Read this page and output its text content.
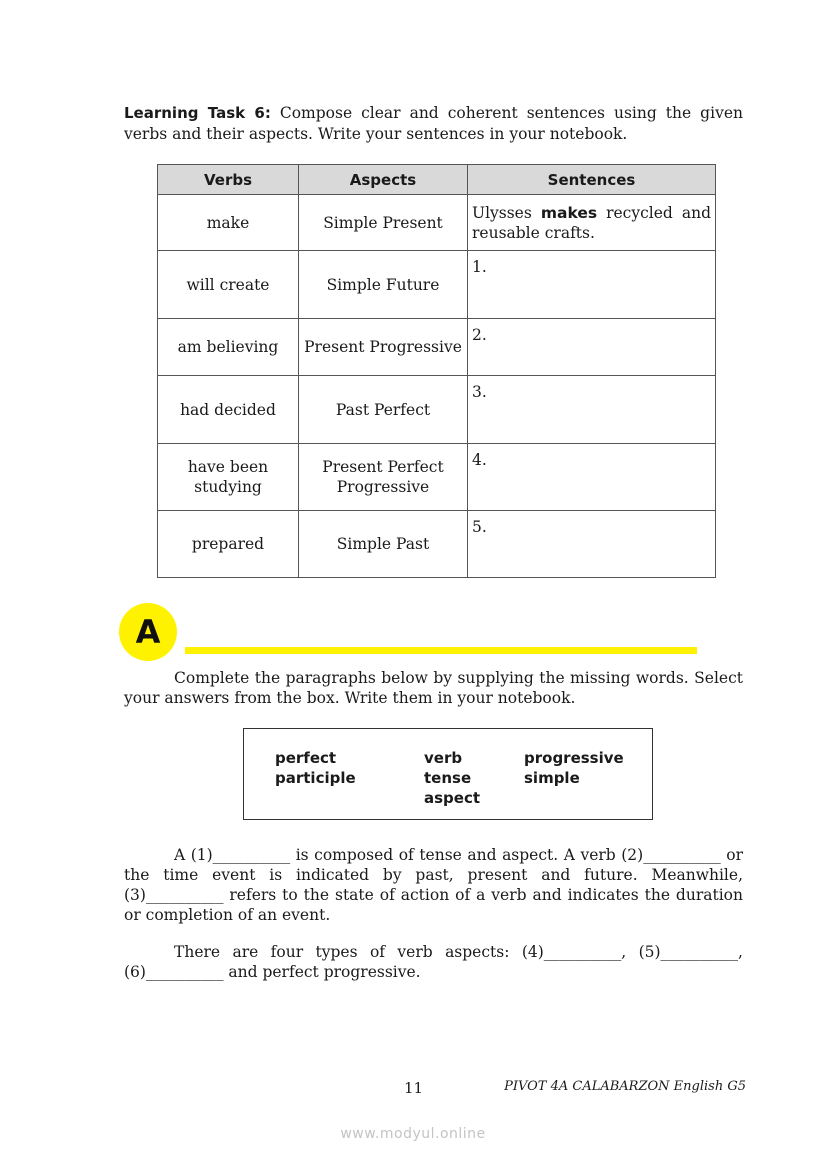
Learning Task 6: Compose clear and coherent sentences using the given verbs and their aspects. Write your sentences in your notebook.

Verbs	Aspects	Sentences
make	Simple Present	Ulysses makes recycled and reusable crafts.
will create	Simple Future	1.
am believing	Present Progressive	2.
had decided	Past Perfect	3.
have been studying	Present Perfect Progressive	4.
prepared	Simple Past	5.
A

Complete the paragraphs below by supplying the missing words. Select your answers from the box. Write them in your notebook.

perfect
participle
verb
tense
aspect
progressive
simple

A (1)__________ is composed of tense and aspect. A verb (2)__________ or the time event is indicated by past, present and future. Meanwhile, (3)__________ refers to the state of action of a verb and indicates the duration or completion of an event.

There are four types of verb aspects: (4)__________, (5)__________, (6)__________ and perfect progressive.

11	PIVOT 4A CALABARZON English G5
www.modyul.online
